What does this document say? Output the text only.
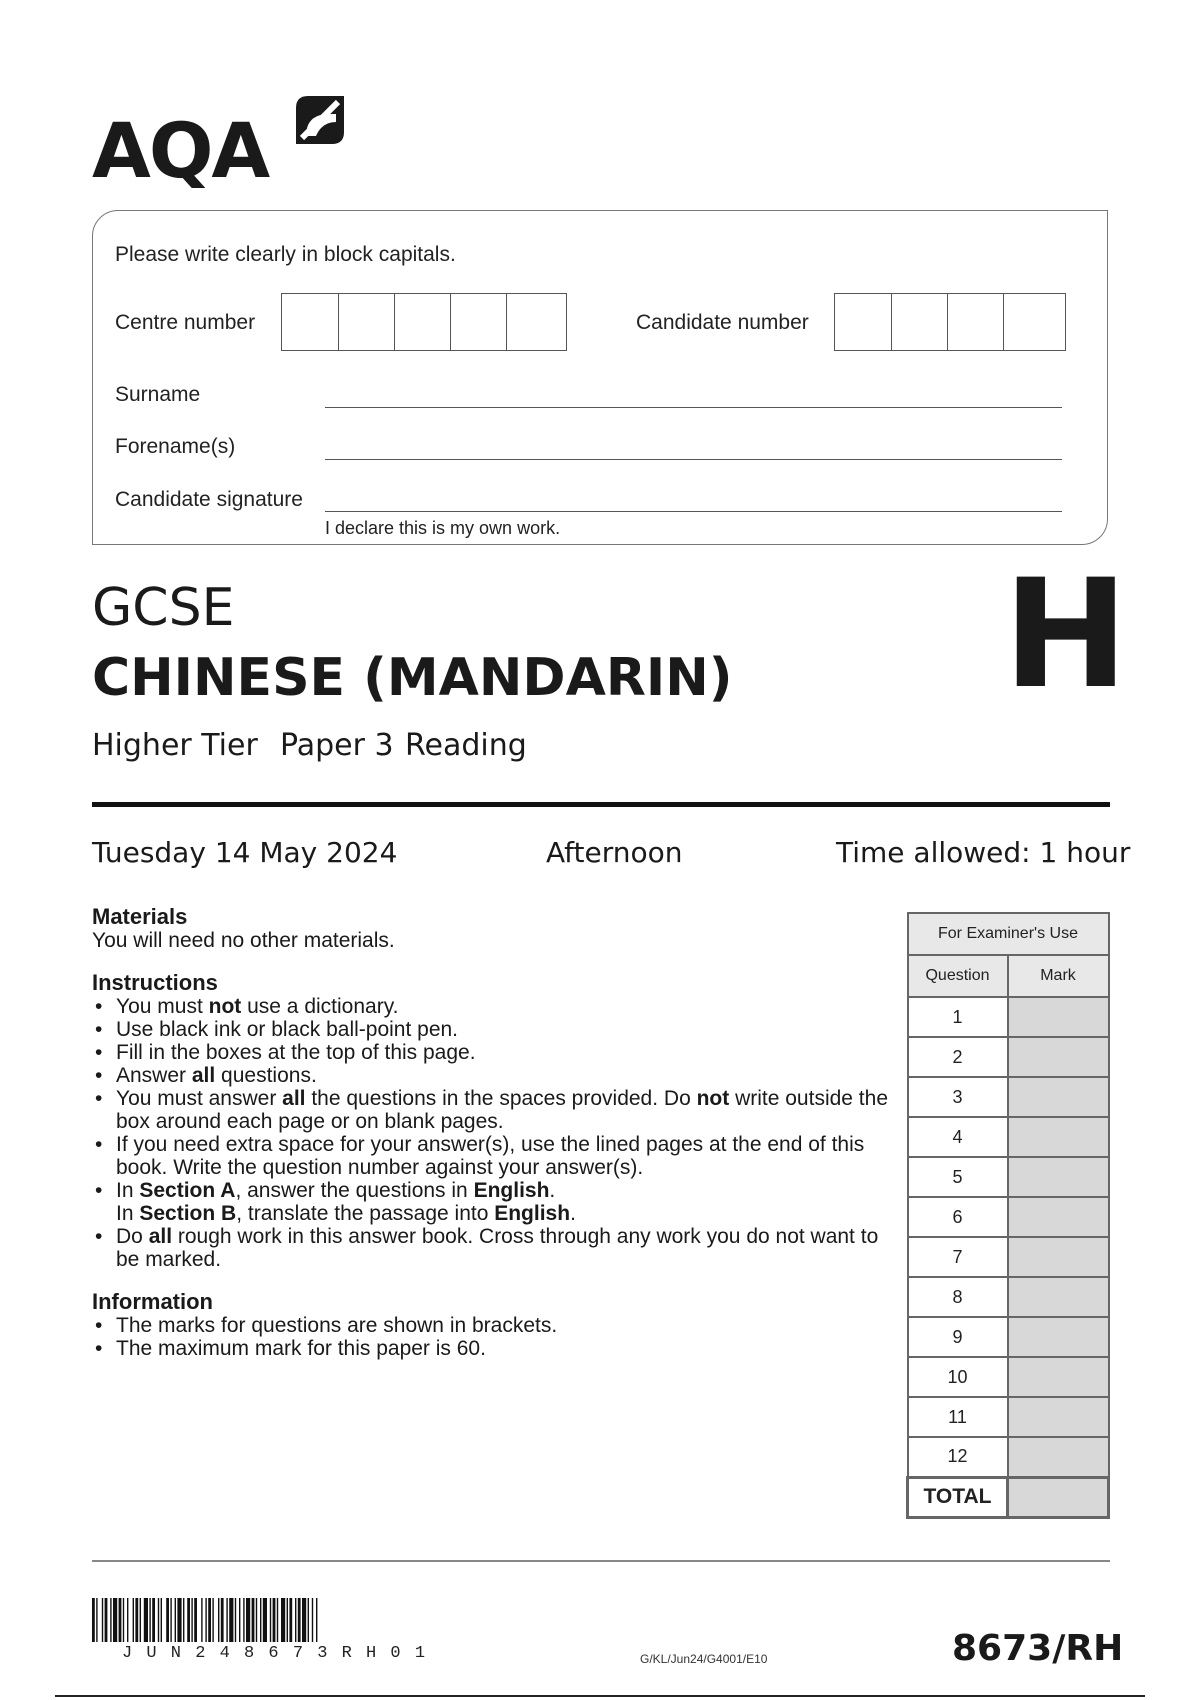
AQA
Please write clearly in block capitals.
Centre number	Candidate number
Surname
Forename(s)
Candidate signature
I declare this is my own work.
GCSE
CHINESE (MANDARIN)
Higher Tier Paper 3 Reading
H
Tuesday 14 May 2024	Afternoon	Time allowed: 1 hour
Materials

You will need no other materials.

Instructions
• You must not use a dictionary.
• Use black ink or black ball-point pen.
• Fill in the boxes at the top of this page.
• Answer all questions.
• You must answer all the questions in the spaces provided. Do not write outside the box around each page or on blank pages.
• If you need extra space for your answer(s), use the lined pages at the end of this book. Write the question number against your answer(s).
• In Section A, answer the questions in English.
In Section B, translate the passage into English.
• Do all rough work in this answer book. Cross through any work you do not want to be marked.
Information
• The marks for questions are shown in brackets.
• The maximum mark for this paper is 60.
For Examiner's Use	
Question	Mark
1	
2	
3	
4	
5	
6	
7	
8	
9	
10	
11	
12	
TOTAL	
J U N 2 4 8 6 7 3 R H 0 1	G/KL/Jun24/G4001/E10	8673/RH
